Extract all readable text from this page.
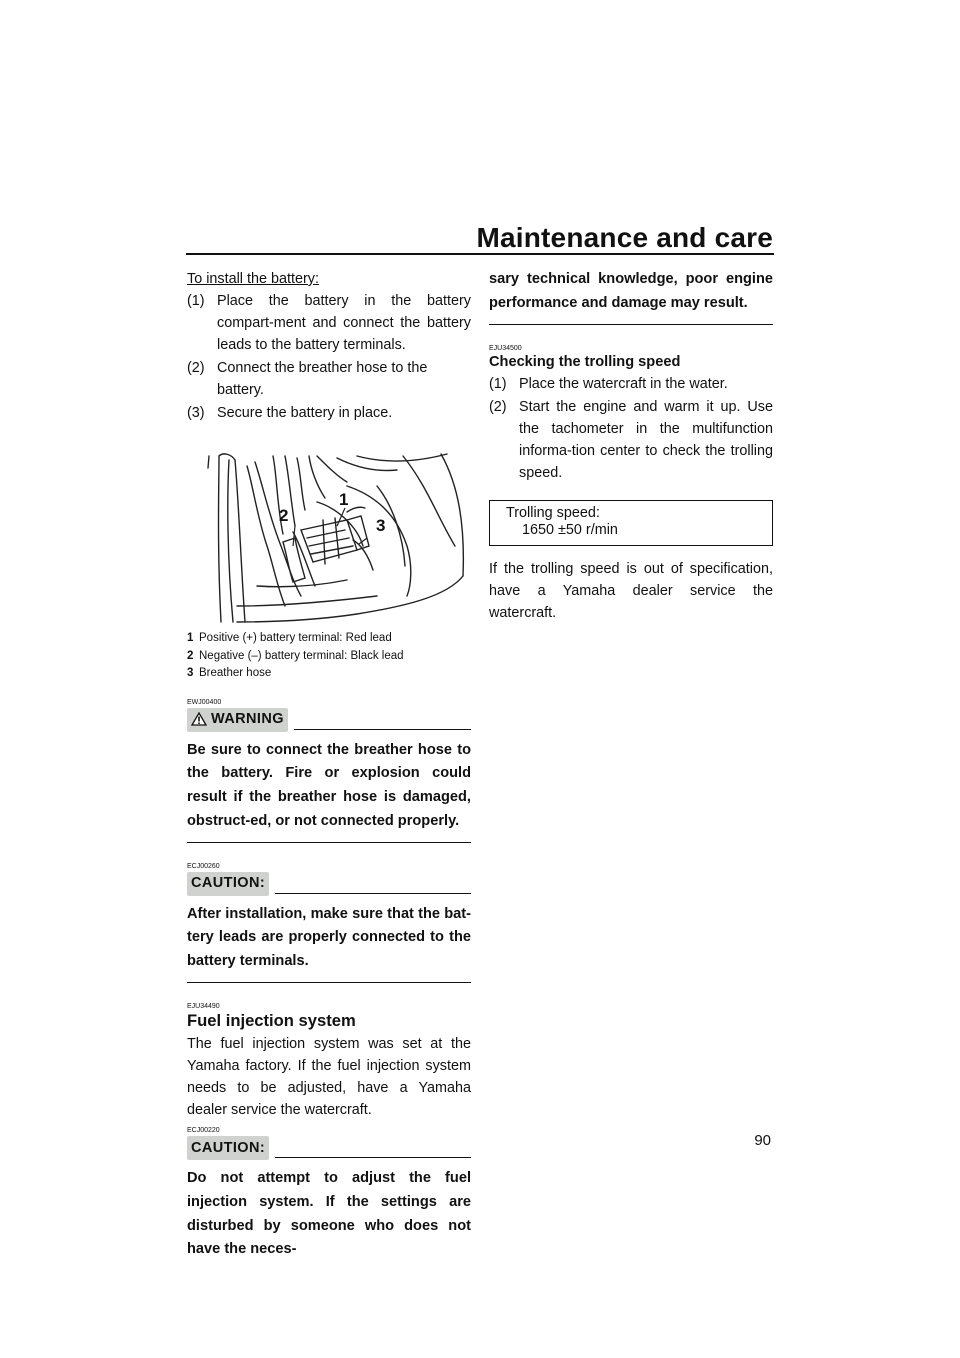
Maintenance and care

To install the battery:

(1) Place the battery in the battery compart-ment and connect the battery leads to the battery terminals.
(2) Connect the breather hose to the battery.
(3) Secure the battery in place.
1
2
3
1 Positive (+) battery terminal: Red lead
2 Negative (–) battery terminal: Black lead
3 Breather hose

EWJ00400

WARNING

Be sure to connect the breather hose to the battery. Fire or explosion could result if the breather hose is damaged, obstruct-ed, or not connected properly.

ECJ00260

CAUTION:

After installation, make sure that the bat-tery leads are properly connected to the battery terminals.

EJU34490

Fuel injection system

The fuel injection system was set at the Yamaha factory. If the fuel injection system needs to be adjusted, have a Yamaha dealer service the watercraft.

ECJ00220

CAUTION:

Do not attempt to adjust the fuel injection system. If the settings are disturbed by someone who does not have the neces-

sary technical knowledge, poor engine performance and damage may result.

EJU34500

Checking the trolling speed

(1) Place the watercraft in the water.
(2) Start the engine and warm it up. Use the tachometer in the multifunction informa-tion center to check the trolling speed.
Trolling speed:
1650 ±50 r/min

If the trolling speed is out of specification, have a Yamaha dealer service the watercraft.

90
